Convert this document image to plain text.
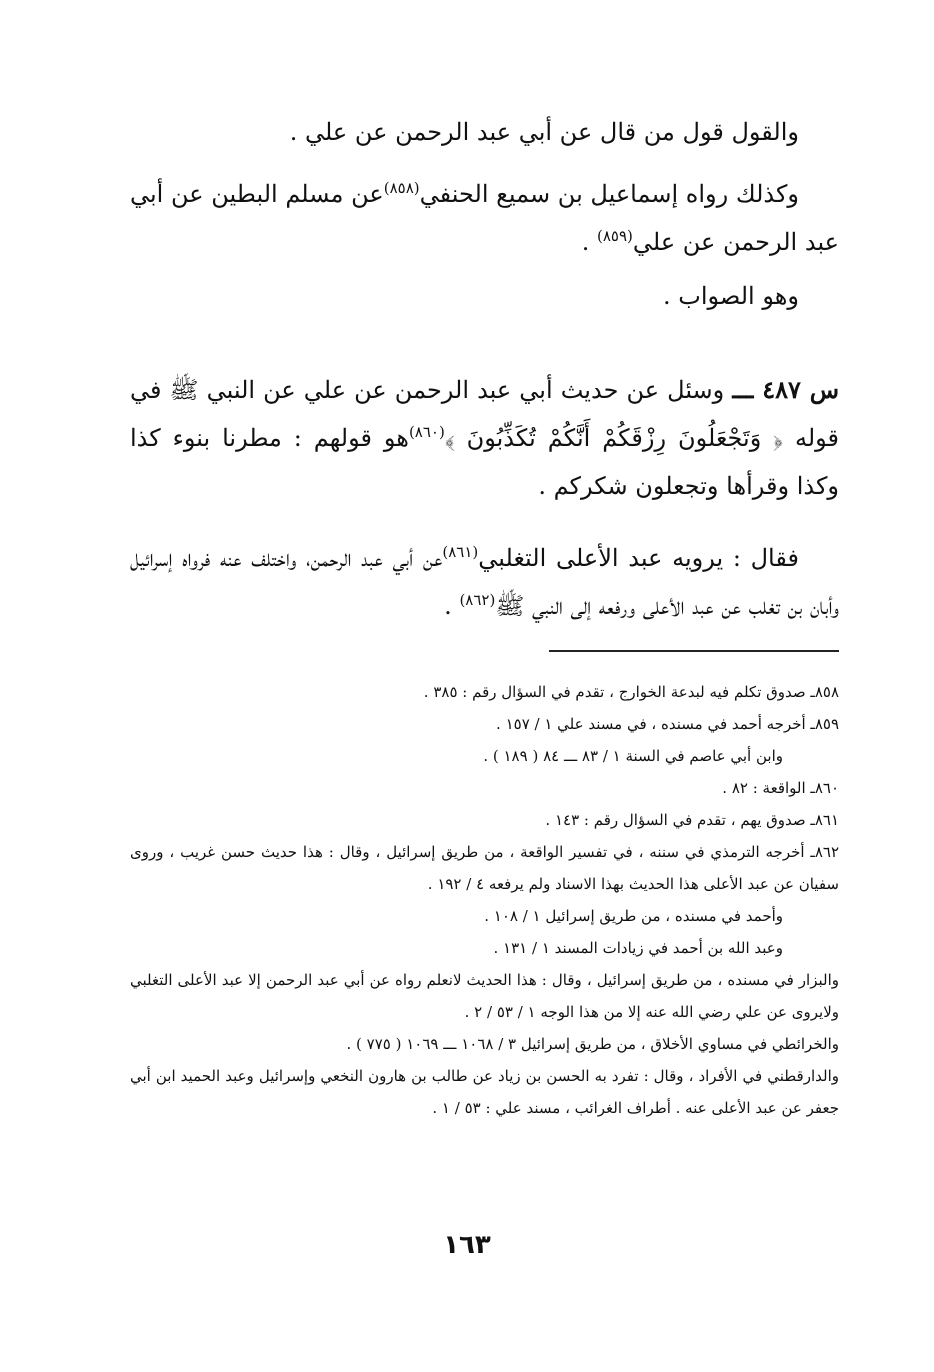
والقول قول من قال عن أبي عبد الرحمن عن علي .

وكذلك رواه إسماعيل بن سميع الحنفي$^{(٨٥٨)}$عن مسلم البطين عن أبي عبد الرحمن عن علي$^{(٨٥٩)}$ .

وهو الصواب .

س ٤٨٧ ـــ وسئل عن حديث أبي عبد الرحمن عن علي عن النبي ﷺ في قوله ﴿ وَتَجْعَلُونَ رِزْقَكُمْ أَنَّكُمْ تُكَذِّبُونَ ﴾$^{(٨٦٠)}$هو قولهم : مطرنا بنوء كذا وكذا وقرأها وتجعلون شكركم .

فقال : يرويه عبد الأعلى التغلبي$^{(٨٦١)}$عن أبي عبد الرحمن، واختلف عنه فرواه إسرائيل وأبان بن تغلب عن عبد الأعلى ورفعه إلى النبي ﷺ$^{(٨٦٢)}$ .

٨٥٨ـ صدوق تكلم فيه لبدعة الخوارج ، تقدم في السؤال رقم : ٣٨٥ .

٨٥٩ـ أخرجه أحمد في مسنده ، في مسند علي ١ / ١٥٧ .

وابن أبي عاصم في السنة ١ / ٨٣ ـــ ٨٤ ( ١٨٩ ) .

٨٦٠ـ الواقعة : ٨٢ .

٨٦١ـ صدوق يهم ، تقدم في السؤال رقم : ١٤٣ .

٨٦٢ـ أخرجه الترمذي في سننه ، في تفسير الواقعة ، من طريق إسرائيل ، وقال : هذا حديث حسن غريب ، وروى سفيان عن عبد الأعلى هذا الحديث بهذا الاسناد ولم يرفعه ٤ / ١٩٢ .

وأحمد في مسنده ، من طريق إسرائيل ١ / ١٠٨ .

وعبد الله بن أحمد في زيادات المسند ١ / ١٣١ .

والبزار في مسنده ، من طريق إسرائيل ، وقال : هذا الحديث لانعلم رواه عن أبي عبد الرحمن إلا عبد الأعلى التغلبي ولايروى عن علي رضي الله عنه إلا من هذا الوجه ١ / ٥٣ / ٢ .

والخرائطي في مساوي الأخلاق ، من طريق إسرائيل ٣ / ١٠٦٨ ـــ ١٠٦٩ ( ٧٧٥ ) .

والدارقطني في الأفراد ، وقال : تفرد به الحسن بن زياد عن طالب بن هارون النخعي وإسرائيل وعبد الحميد ابن أبي جعفر عن عبد الأعلى عنه . أطراف الغرائب ، مسند علي : ٥٣ / ١ .

١٦٣
